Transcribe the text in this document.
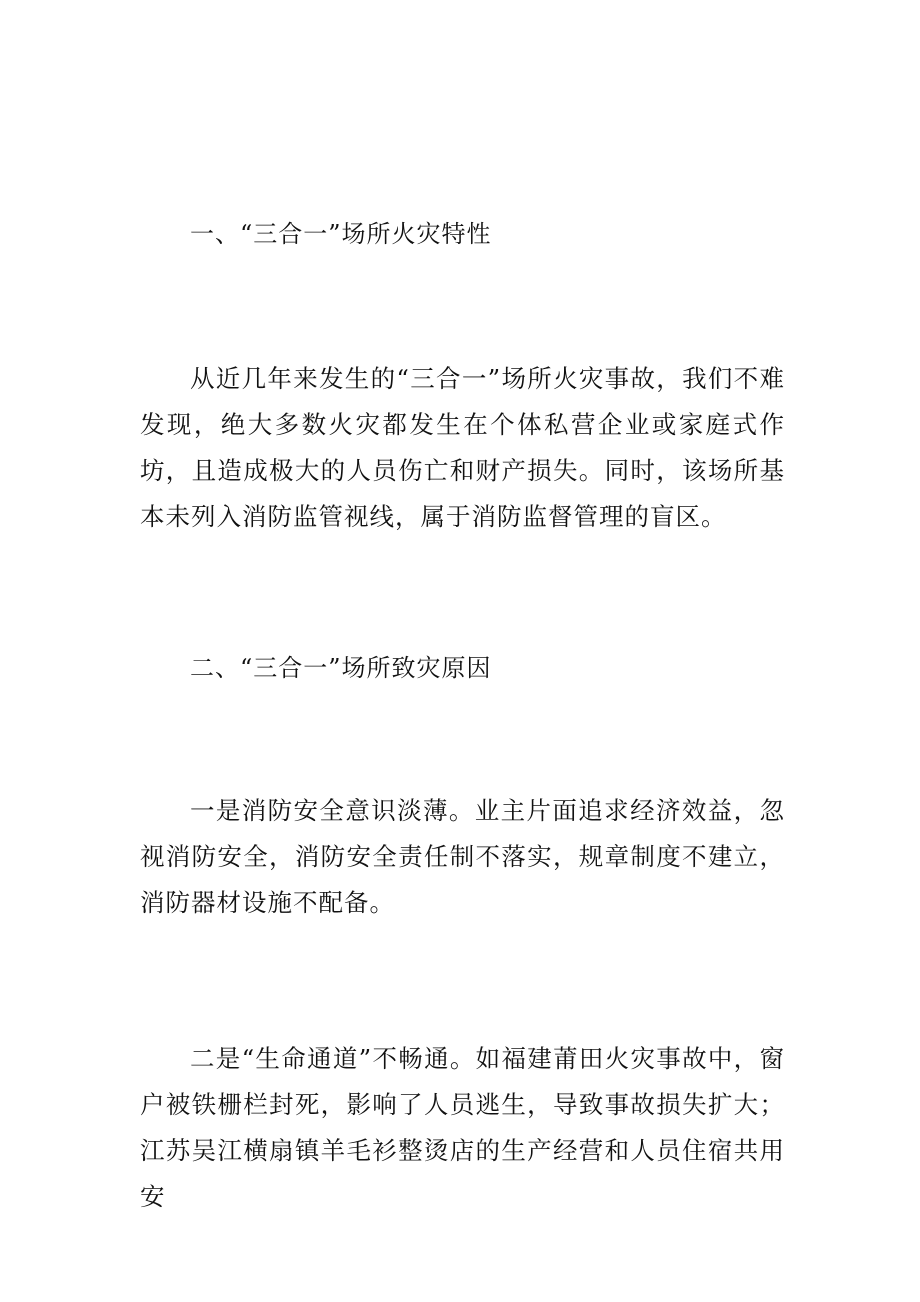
一、“三合一”场所火灾特性

从近几年来发生的“三合一”场所火灾事故，我们不难发现，绝大多数火灾都发生在个体私营企业或家庭式作坊，且造成极大的人员伤亡和财产损失。同时，该场所基本未列入消防监管视线，属于消防监督管理的盲区。

二、“三合一”场所致灾原因

一是消防安全意识淡薄。业主片面追求经济效益，忽视消防安全，消防安全责任制不落实，规章制度不建立，消防器材设施不配备。

二是“生命通道”不畅通。如福建莆田火灾事故中，窗户被铁栅栏封死，影响了人员逃生，导致事故损失扩大；江苏吴江横扇镇羊毛衫整烫店的生产经营和人员住宿共用安
